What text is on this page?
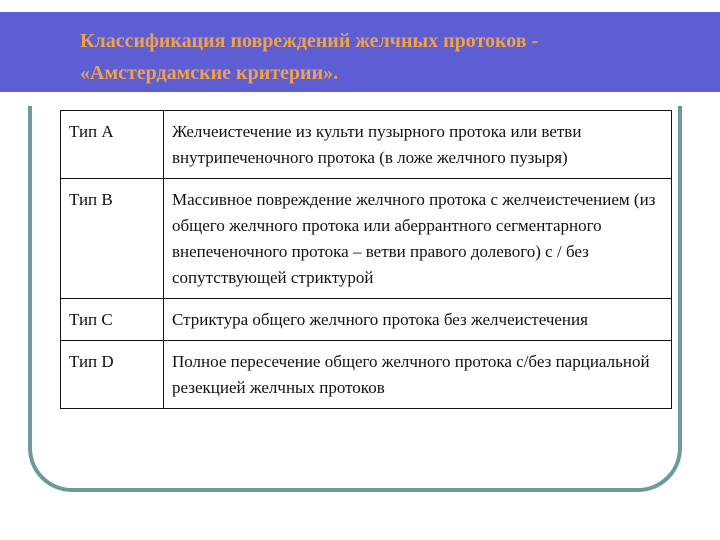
Классификация повреждений желчных протоков -
«Амстердамские критерии».
Тип A	Желчеистечение из культи пузырного протока или ветви внутрипеченочного протока (в ложе желчного пузыря)
Тип B	Массивное повреждение желчного протока с желчеистечением (из общего желчного протока или аберрантного сегментарного внепеченочного протока – ветви правого долевого) с / без сопутствующей стриктурой
Тип C	Стриктура общего желчного протока без желчеистечения
Тип D	Полное пересечение общего желчного протока с/без парциальной резекцией желчных протоков
